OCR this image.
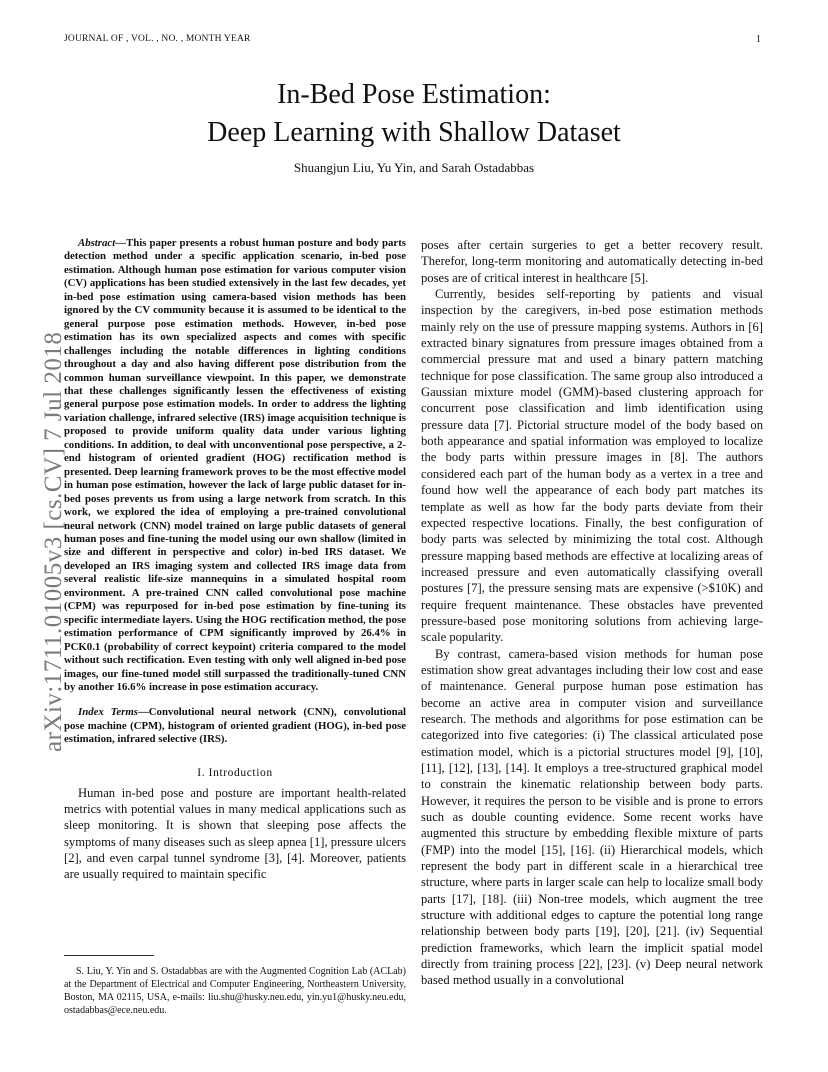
JOURNAL OF , VOL. , NO. , MONTH YEAR	1
In-Bed Pose Estimation:
Deep Learning with Shallow Dataset
Shuangjun Liu, Yu Yin, and Sarah Ostadabbas
arXiv:1711.01005v3 [cs.CV] 7 Jul 2018

Abstract—This paper presents a robust human posture and body parts detection method under a specific application scenario, in-bed pose estimation. Although human pose estimation for various computer vision (CV) applications has been studied extensively in the last few decades, yet in-bed pose estimation using camera-based vision methods has been ignored by the CV community because it is assumed to be identical to the general purpose pose estimation methods. However, in-bed pose estimation has its own specialized aspects and comes with specific challenges including the notable differences in lighting conditions throughout a day and also having different pose distribution from the common human surveillance viewpoint. In this paper, we demonstrate that these challenges significantly lessen the effectiveness of existing general purpose pose estimation models. In order to address the lighting variation challenge, infrared selective (IRS) image acquisition technique is proposed to provide uniform quality data under various lighting conditions. In addition, to deal with unconventional pose perspective, a 2-end histogram of oriented gradient (HOG) rectification method is presented. Deep learning framework proves to be the most effective model in human pose estimation, however the lack of large public dataset for in-bed poses prevents us from using a large network from scratch. In this work, we explored the idea of employing a pre-trained convolutional neural network (CNN) model trained on large public datasets of general human poses and fine-tuning the model using our own shallow (limited in size and different in perspective and color) in-bed IRS dataset. We developed an IRS imaging system and collected IRS image data from several realistic life-size mannequins in a simulated hospital room environment. A pre-trained CNN called convolutional pose machine (CPM) was repurposed for in-bed pose estimation by fine-tuning its specific intermediate layers. Using the HOG rectification method, the pose estimation performance of CPM significantly improved by 26.4% in PCK0.1 (probability of correct keypoint) criteria compared to the model without such rectification. Even testing with only well aligned in-bed pose images, our fine-tuned model still surpassed the traditionally-tuned CNN by another 16.6% increase in pose estimation accuracy.

Index Terms—Convolutional neural network (CNN), convolutional pose machine (CPM), histogram of oriented gradient (HOG), in-bed pose estimation, infrared selective (IRS).

I. Introduction

Human in-bed pose and posture are important health-related metrics with potential values in many medical applications such as sleep monitoring. It is shown that sleeping pose affects the symptoms of many diseases such as sleep apnea [1], pressure ulcers [2], and even carpal tunnel syndrome [3], [4]. Moreover, patients are usually required to maintain specific

S. Liu, Y. Yin and S. Ostadabbas are with the Augmented Cognition Lab (ACLab) at the Department of Electrical and Computer Engineering, Northeastern University, Boston, MA 02115, USA, e-mails: liu.shu@husky.neu.edu, yin.yu1@husky.neu.edu, ostadabbas@ece.neu.edu.

poses after certain surgeries to get a better recovery result. Therefor, long-term monitoring and automatically detecting in-bed poses are of critical interest in healthcare [5].

Currently, besides self-reporting by patients and visual inspection by the caregivers, in-bed pose estimation methods mainly rely on the use of pressure mapping systems. Authors in [6] extracted binary signatures from pressure images obtained from a commercial pressure mat and used a binary pattern matching technique for pose classification. The same group also introduced a Gaussian mixture model (GMM)-based clustering approach for concurrent pose classification and limb identification using pressure data [7]. Pictorial structure model of the body based on both appearance and spatial information was employed to localize the body parts within pressure images in [8]. The authors considered each part of the human body as a vertex in a tree and found how well the appearance of each body part matches its template as well as how far the body parts deviate from their expected respective locations. Finally, the best configuration of body parts was selected by minimizing the total cost. Although pressure mapping based methods are effective at localizing areas of increased pressure and even automatically classifying overall postures [7], the pressure sensing mats are expensive (>$10K) and require frequent maintenance. These obstacles have prevented pressure-based pose monitoring solutions from achieving large-scale popularity.

By contrast, camera-based vision methods for human pose estimation show great advantages including their low cost and ease of maintenance. General purpose human pose estimation has become an active area in computer vision and surveillance research. The methods and algorithms for pose estimation can be categorized into five categories: (i) The classical articulated pose estimation model, which is a pictorial structures model [9], [10], [11], [12], [13], [14]. It employs a tree-structured graphical model to constrain the kinematic relationship between body parts. However, it requires the person to be visible and is prone to errors such as double counting evidence. Some recent works have augmented this structure by embedding flexible mixture of parts (FMP) into the model [15], [16]. (ii) Hierarchical models, which represent the body part in different scale in a hierarchical tree structure, where parts in larger scale can help to localize small body parts [17], [18]. (iii) Non-tree models, which augment the tree structure with additional edges to capture the potential long range relationship between body parts [19], [20], [21]. (iv) Sequential prediction frameworks, which learn the implicit spatial model directly from training process [22], [23]. (v) Deep neural network based method usually in a convolutional
